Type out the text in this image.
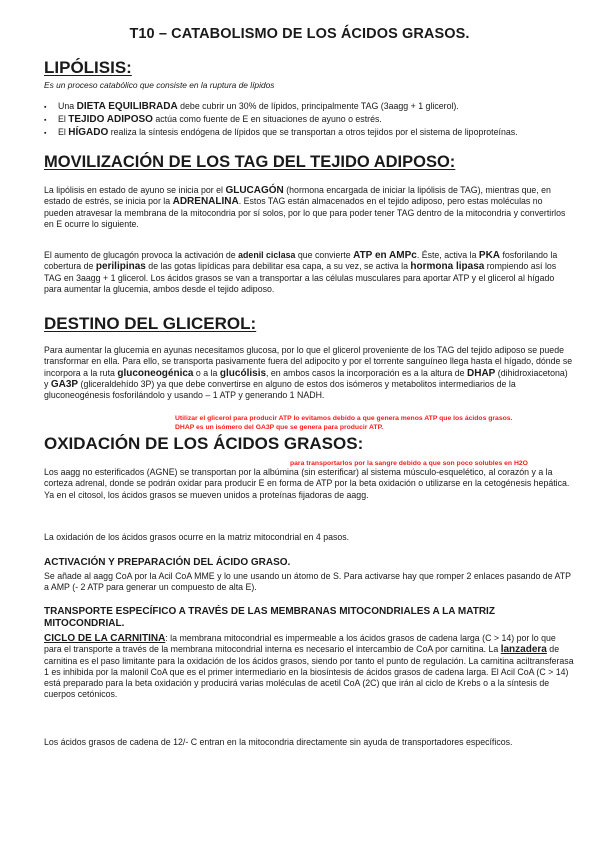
T10 – CATABOLISMO DE LOS ÁCIDOS GRASOS.
LIPÓLISIS:
Es un proceso catabólico que consiste en la ruptura de lípidos
▪ Una DIETA EQUILIBRADA debe cubrir un 30% de lípidos, principalmente TAG (3aagg + 1 glicerol).
▪ El TEJIDO ADIPOSO actúa como fuente de E en situaciones de ayuno o estrés.
▪ El HÍGADO realiza la síntesis endógena de lípidos que se transportan a otros tejidos por el sistema de lipoproteínas.
MOVILIZACIÓN DE LOS TAG DEL TEJIDO ADIPOSO:
La lipólisis en estado de ayuno se inicia por el GLUCAGÓN (hormona encargada de iniciar la lipólisis de TAG), mientras que, en estado de estrés, se inicia por la ADRENALINA. Estos TAG están almacenados en el tejido adiposo, pero estas moléculas no pueden atravesar la membrana de la mitocondria por sí solos, por lo que para poder tener TAG dentro de la mitocondria y convertirlos en E ocurre lo siguiente.
El aumento de glucagón provoca la activación de adenil ciclasa que convierte ATP en AMPc. Éste, activa la PKA fosforilando la cobertura de perilipinas de las gotas lipídicas para debilitar esa capa, a su vez, se activa la hormona lipasa rompiendo así los TAG en 3aagg + 1 glicerol. Los ácidos grasos se van a transportar a las células musculares para aportar ATP y el glicerol al hígado para aumentar la glucemia, ambos desde el tejido adiposo.
DESTINO DEL GLICEROL:
Para aumentar la glucemia en ayunas necesitamos glucosa, por lo que el glicerol proveniente de los TAG del tejido adiposo se puede transformar en ella. Para ello, se transporta pasivamente fuera del adipocito y por el torrente sanguíneo llega hasta el hígado, dónde se incorpora a la ruta gluconeogénica o a la glucólisis, en ambos casos la incorporación es a la altura de DHAP (dihidroxiacetona) y GA3P (gliceraldehído 3P) ya que debe convertirse en alguno de estos dos isómeros y metabolitos intermediarios de la gluconeogénesis fosforilándolo y usando – 1 ATP y generando 1 NADH.
Utilizar el glicerol para producir ATP lo evitamos debido a que genera menos ATP que los ácidos grasos.
DHAP es un isómero del GA3P que se genera para producir ATP.
OXIDACIÓN DE LOS ÁCIDOS GRASOS:
para transportarlos por la sangre debido a que son poco solubles en H2O
Los aagg no esterificados (AGNE) se transportan por la albúmina (sin esterificar) al sistema músculo-esquelético, al corazón y a la corteza adrenal, donde se podrán oxidar para producir E en forma de ATP por la beta oxidación o utilizarse en la cetogénesis hepática. Ya en el citosol, los ácidos grasos se mueven unidos a proteínas fijadoras de aagg.
La oxidación de los ácidos grasos ocurre en la matriz mitocondrial en 4 pasos.
ACTIVACIÓN Y PREPARACIÓN DEL ÁCIDO GRASO.
Se añade al aagg CoA por la Acil CoA MME y lo une usando un átomo de S. Para activarse hay que romper 2 enlaces pasando de ATP a AMP (- 2 ATP para generar un compuesto de alta E).
TRANSPORTE ESPECÍFICO A TRAVÉS DE LAS MEMBRANAS MITOCONDRIALES A LA MATRIZ MITOCONDRIAL.
CICLO DE LA CARNITINA: la membrana mitocondrial es impermeable a los ácidos grasos de cadena larga (C > 14) por lo que para el transporte a través de la membrana mitocondrial interna es necesario el intercambio de CoA por carnitina. La lanzadera de carnitina es el paso limitante para la oxidación de los ácidos grasos, siendo por tanto el punto de regulación. La carnitina aciltransferasa 1 es inhibida por la malonil CoA que es el primer intermediario en la biosíntesis de ácidos grasos de cadena larga. El Acil CoA (C > 14) está preparado para la beta oxidación y producirá varias moléculas de acetil CoA (2C) que irán al ciclo de Krebs o a la síntesis de cuerpos cetónicos.
Los ácidos grasos de cadena de 12/- C entran en la mitocondria directamente sin ayuda de transportadores específicos.
